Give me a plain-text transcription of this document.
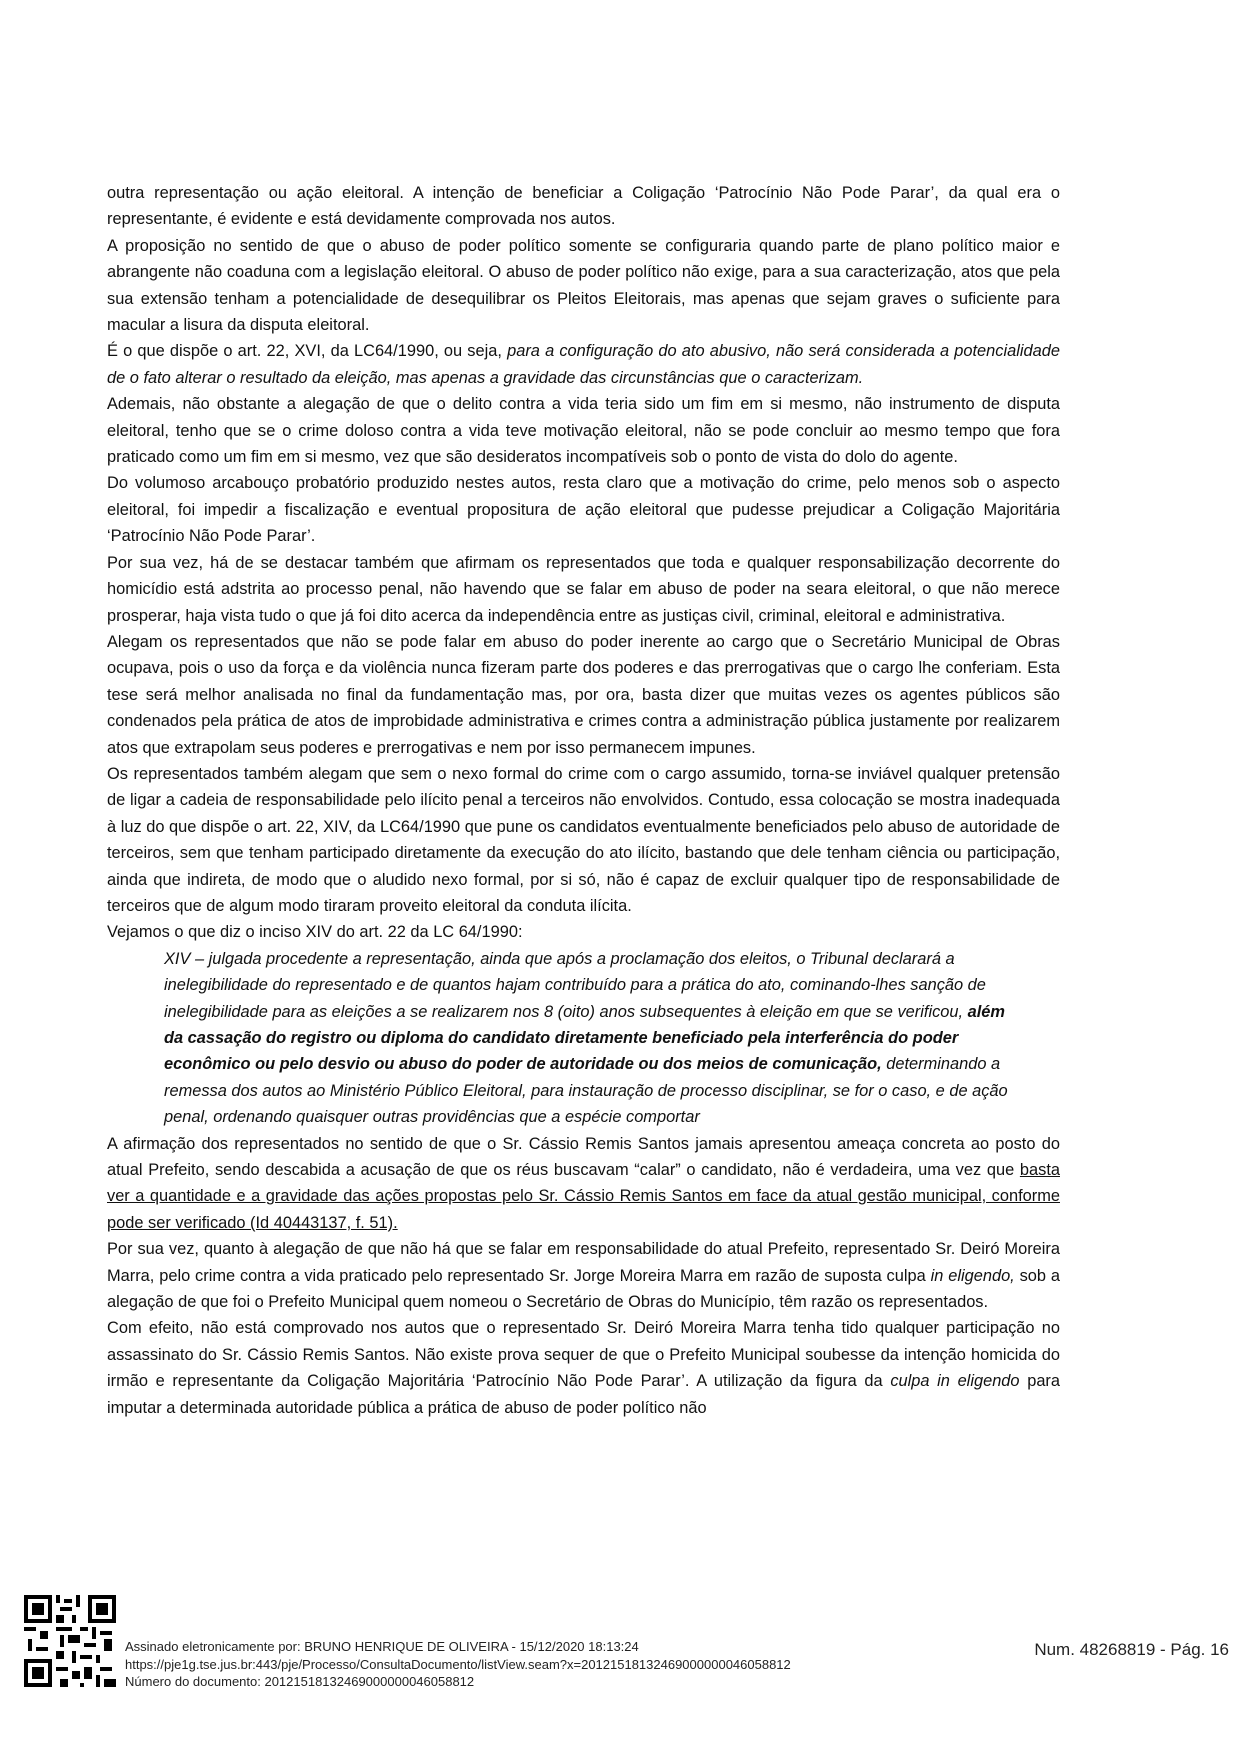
outra representação ou ação eleitoral. A intenção de beneficiar a Coligação ‘Patrocínio Não Pode Parar’, da qual era o representante, é evidente e está devidamente comprovada nos autos.

A proposição no sentido de que o abuso de poder político somente se configuraria quando parte de plano político maior e abrangente não coaduna com a legislação eleitoral. O abuso de poder político não exige, para a sua caracterização, atos que pela sua extensão tenham a potencialidade de desequilibrar os Pleitos Eleitorais, mas apenas que sejam graves o suficiente para macular a lisura da disputa eleitoral.

É o que dispõe o art. 22, XVI, da LC64/1990, ou seja, para a configuração do ato abusivo, não será considerada a potencialidade de o fato alterar o resultado da eleição, mas apenas a gravidade das circunstâncias que o caracterizam.

Ademais, não obstante a alegação de que o delito contra a vida teria sido um fim em si mesmo, não instrumento de disputa eleitoral, tenho que se o crime doloso contra a vida teve motivação eleitoral, não se pode concluir ao mesmo tempo que fora praticado como um fim em si mesmo, vez que são desideratos incompatíveis sob o ponto de vista do dolo do agente.

Do volumoso arcabouço probatório produzido nestes autos, resta claro que a motivação do crime, pelo menos sob o aspecto eleitoral, foi impedir a fiscalização e eventual propositura de ação eleitoral que pudesse prejudicar a Coligação Majoritária ‘Patrocínio Não Pode Parar’.

Por sua vez, há de se destacar também que afirmam os representados que toda e qualquer responsabilização decorrente do homicídio está adstrita ao processo penal, não havendo que se falar em abuso de poder na seara eleitoral, o que não merece prosperar, haja vista tudo o que já foi dito acerca da independência entre as justiças civil, criminal, eleitoral e administrativa.

Alegam os representados que não se pode falar em abuso do poder inerente ao cargo que o Secretário Municipal de Obras ocupava, pois o uso da força e da violência nunca fizeram parte dos poderes e das prerrogativas que o cargo lhe conferiam. Esta tese será melhor analisada no final da fundamentação mas, por ora, basta dizer que muitas vezes os agentes públicos são condenados pela prática de atos de improbidade administrativa e crimes contra a administração pública justamente por realizarem atos que extrapolam seus poderes e prerrogativas e nem por isso permanecem impunes.

Os representados também alegam que sem o nexo formal do crime com o cargo assumido, torna-se inviável qualquer pretensão de ligar a cadeia de responsabilidade pelo ilícito penal a terceiros não envolvidos. Contudo, essa colocação se mostra inadequada à luz do que dispõe o art. 22, XIV, da LC64/1990 que pune os candidatos eventualmente beneficiados pelo abuso de autoridade de terceiros, sem que tenham participado diretamente da execução do ato ilícito, bastando que dele tenham ciência ou participação, ainda que indireta, de modo que o aludido nexo formal, por si só, não é capaz de excluir qualquer tipo de responsabilidade de terceiros que de algum modo tiraram proveito eleitoral da conduta ilícita.

Vejamos o que diz o inciso XIV do art. 22 da LC 64/1990:

XIV – julgada procedente a representação, ainda que após a proclamação dos eleitos, o Tribunal declarará a inelegibilidade do representado e de quantos hajam contribuído para a prática do ato, cominando-lhes sanção de inelegibilidade para as eleições a se realizarem nos 8 (oito) anos subsequentes à eleição em que se verificou, além da cassação do registro ou diploma do candidato diretamente beneficiado pela interferência do poder econômico ou pelo desvio ou abuso do poder de autoridade ou dos meios de comunicação, determinando a remessa dos autos ao Ministério Público Eleitoral, para instauração de processo disciplinar, se for o caso, e de ação penal, ordenando quaisquer outras providências que a espécie comportar

A afirmação dos representados no sentido de que o Sr. Cássio Remis Santos jamais apresentou ameaça concreta ao posto do atual Prefeito, sendo descabida a acusação de que os réus buscavam “calar” o candidato, não é verdadeira, uma vez que basta ver a quantidade e a gravidade das ações propostas pelo Sr. Cássio Remis Santos em face da atual gestão municipal, conforme pode ser verificado (Id 40443137, f. 51).

Por sua vez, quanto à alegação de que não há que se falar em responsabilidade do atual Prefeito, representado Sr. Deiró Moreira Marra, pelo crime contra a vida praticado pelo representado Sr. Jorge Moreira Marra em razão de suposta culpa in eligendo, sob a alegação de que foi o Prefeito Municipal quem nomeou o Secretário de Obras do Município, têm razão os representados.

Com efeito, não está comprovado nos autos que o representado Sr. Deiró Moreira Marra tenha tido qualquer participação no assassinato do Sr. Cássio Remis Santos. Não existe prova sequer de que o Prefeito Municipal soubesse da intenção homicida do irmão e representante da Coligação Majoritária ‘Patrocínio Não Pode Parar’. A utilização da figura da culpa in eligendo para imputar a determinada autoridade pública a prática de abuso de poder político não

Assinado eletronicamente por: BRUNO HENRIQUE DE OLIVEIRA - 15/12/2020 18:13:24
https://pje1g.tse.jus.br:443/pje/Processo/ConsultaDocumento/listView.seam?x=20121518132469000000046058812
Número do documento: 20121518132469000000046058812
Num. 48268819 - Pág. 16
